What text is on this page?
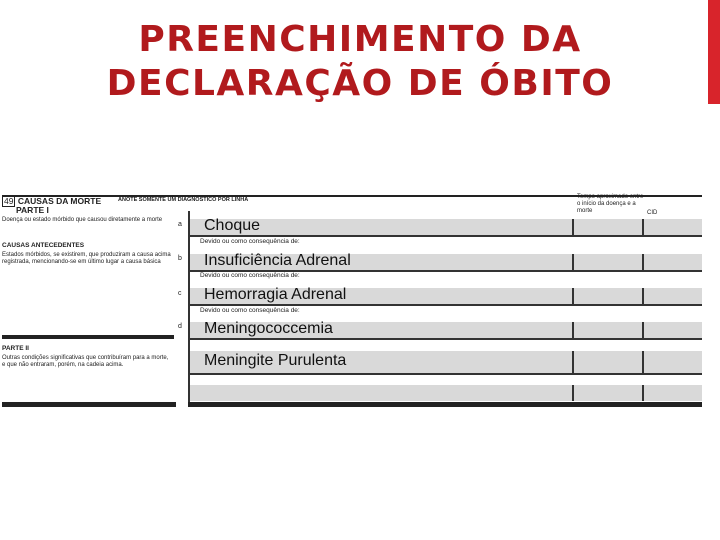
PREENCHIMENTO DA
DECLARAÇÃO DE ÓBITO
49 CAUSAS DA MORTE	ANOTE SOMENTE UM DIAGNÓSTICO POR LINHA
PARTE I
Doença ou estado mórbido que causou diretamente a morte
CAUSAS ANTECEDENTES
Estados mórbidos, se existirem, que produziram a causa acima registrada, mencionando-se em último lugar a causa básica
PARTE II
Outras condições significativas que contribuíram para a morte, e que não entraram, porém, na cadeia acima.
Tempo aproximado entre o início da doença e a morte	CID
a Choque
Devido ou como consequência de:
b Insuficiência Adrenal
Devido ou como consequência de:
c Hemorragia Adrenal
Devido ou como consequência de:
d Meningococcemia
Meningite Purulenta
